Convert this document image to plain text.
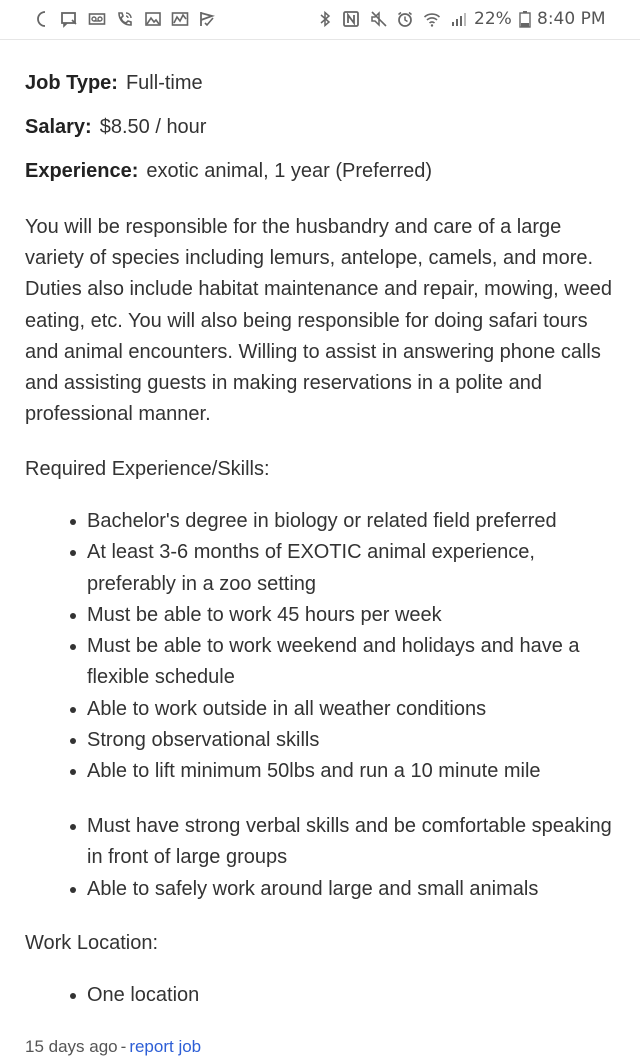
22% 8:40 PM
Job Type: Full-time
Salary: $8.50 / hour
Experience: exotic animal, 1 year (Preferred)

You will be responsible for the husbandry and care of a large variety of species including lemurs, antelope, camels, and more. Duties also include habitat maintenance and repair, mowing, weed eating, etc. You will also being responsible for doing safari tours and animal encounters. Willing to assist in answering phone calls and assisting guests in making reservations in a polite and professional manner.

Required Experience/Skills:
Bachelor's degree in biology or related field preferred
At least 3-6 months of EXOTIC animal experience, preferably in a zoo setting
Must be able to work 45 hours per week
Must be able to work weekend and holidays and have a flexible schedule
Able to work outside in all weather conditions
Strong observational skills
Able to lift minimum 50lbs and run a 10 minute mile
Must have strong verbal skills and be comfortable speaking in front of large groups
Able to safely work around large and small animals
Work Location:
One location
15 days ago - report job
